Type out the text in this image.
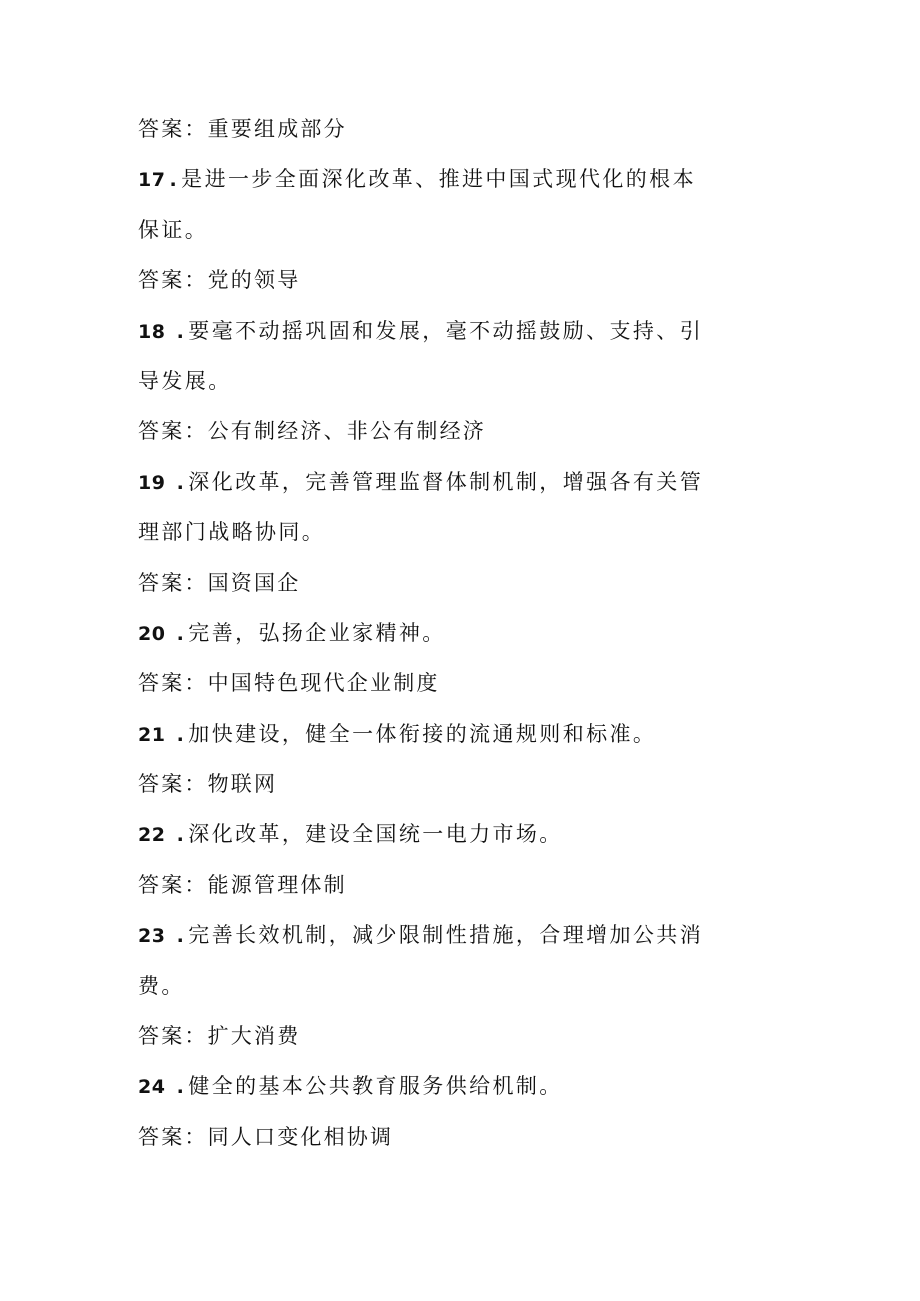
答案：重要组成部分
17 . 是进一步全面深化改革、推进中国式现代化的根本
保证。
答案：党的领导
18 . 要毫不动摇巩固和发展，毫不动摇鼓励、支持、引
导发展。
答案：公有制经济、非公有制经济
19 . 深化改革，完善管理监督体制机制，增强各有关管
理部门战略协同。
答案：国资国企
20 . 完善，弘扬企业家精神。
答案：中国特色现代企业制度
21 . 加快建设，健全一体衔接的流通规则和标准。
答案：物联网
22 . 深化改革，建设全国统一电力市场。
答案：能源管理体制
23 . 完善长效机制，减少限制性措施，合理增加公共消
费。
答案：扩大消费
24 . 健全的基本公共教育服务供给机制。
答案：同人口变化相协调
